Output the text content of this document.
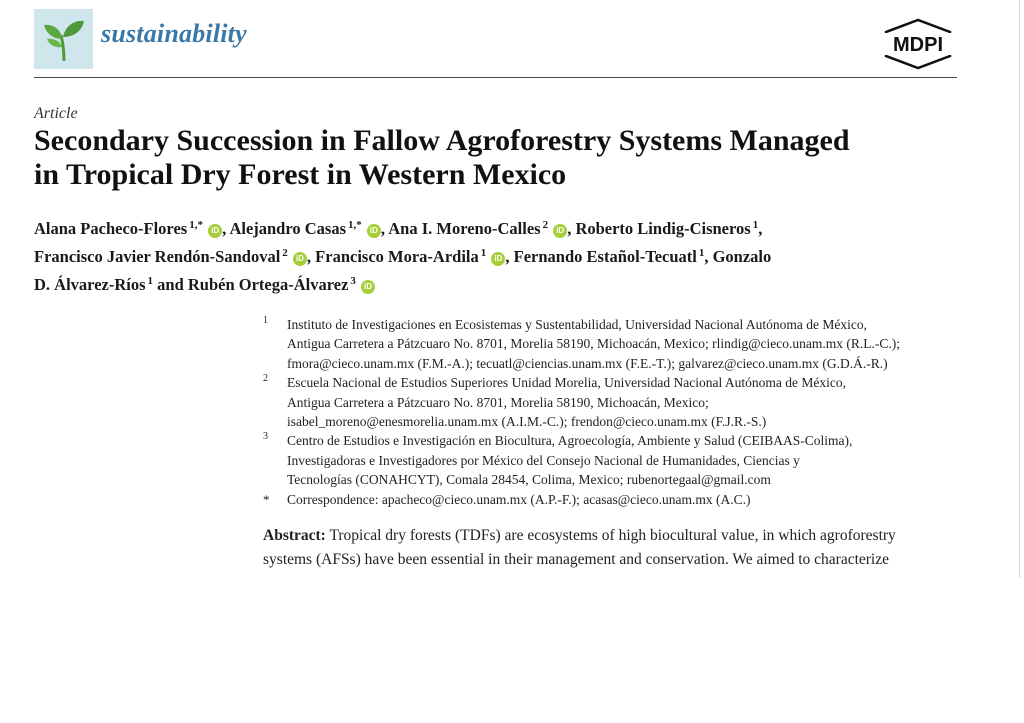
sustainability	MDPI
Article
Secondary Succession in Fallow Agroforestry Systems Managed
in Tropical Dry Forest in Western Mexico
Alana Pacheco-Flores $^{1,*}$ iD , Alejandro Casas $^{1,*}$ iD , Ana I. Moreno-Calles $^2$ iD , Roberto Lindig-Cisneros $^1$,
Francisco Javier Rendón-Sandoval $^2$ iD , Francisco Mora-Ardila $^1$ iD , Fernando Estañol-Tecuatl $^1$, Gonzalo
D. Álvarez-Ríos $^1$ and Rubén Ortega-Álvarez $^3$ iD
1 Instituto de Investigaciones en Ecosistemas y Sustentabilidad, Universidad Nacional Autónoma de México,
Antigua Carretera a Pátzcuaro No. 8701, Morelia 58190, Michoacán, Mexico; rlindig@cieco.unam.mx (R.L.-C.);
fmora@cieco.unam.mx (F.M.-A.); tecuatl@ciencias.unam.mx (F.E.-T.); galvarez@cieco.unam.mx (G.D.Á.-R.)
2 Escuela Nacional de Estudios Superiores Unidad Morelia, Universidad Nacional Autónoma de México,
Antigua Carretera a Pátzcuaro No. 8701, Morelia 58190, Michoacán, Mexico;
isabel_moreno@enesmorelia.unam.mx (A.I.M.-C.); frendon@cieco.unam.mx (F.J.R.-S.)
3 Centro de Estudios e Investigación en Biocultura, Agroecología, Ambiente y Salud (CEIBAAS-Colima),
Investigadoras e Investigadores por México del Consejo Nacional de Humanidades, Ciencias y
Tecnologías (CONAHCYT), Comala 28454, Colima, Mexico; rubenortegaal@gmail.com
* Correspondence: apacheco@cieco.unam.mx (A.P.-F.); acasas@cieco.unam.mx (A.C.)
Abstract: Tropical dry forests (TDFs) are ecosystems of high biocultural value, in which agroforestry
systems (AFSs) have been essential in their management and conservation. We aimed to characterize
